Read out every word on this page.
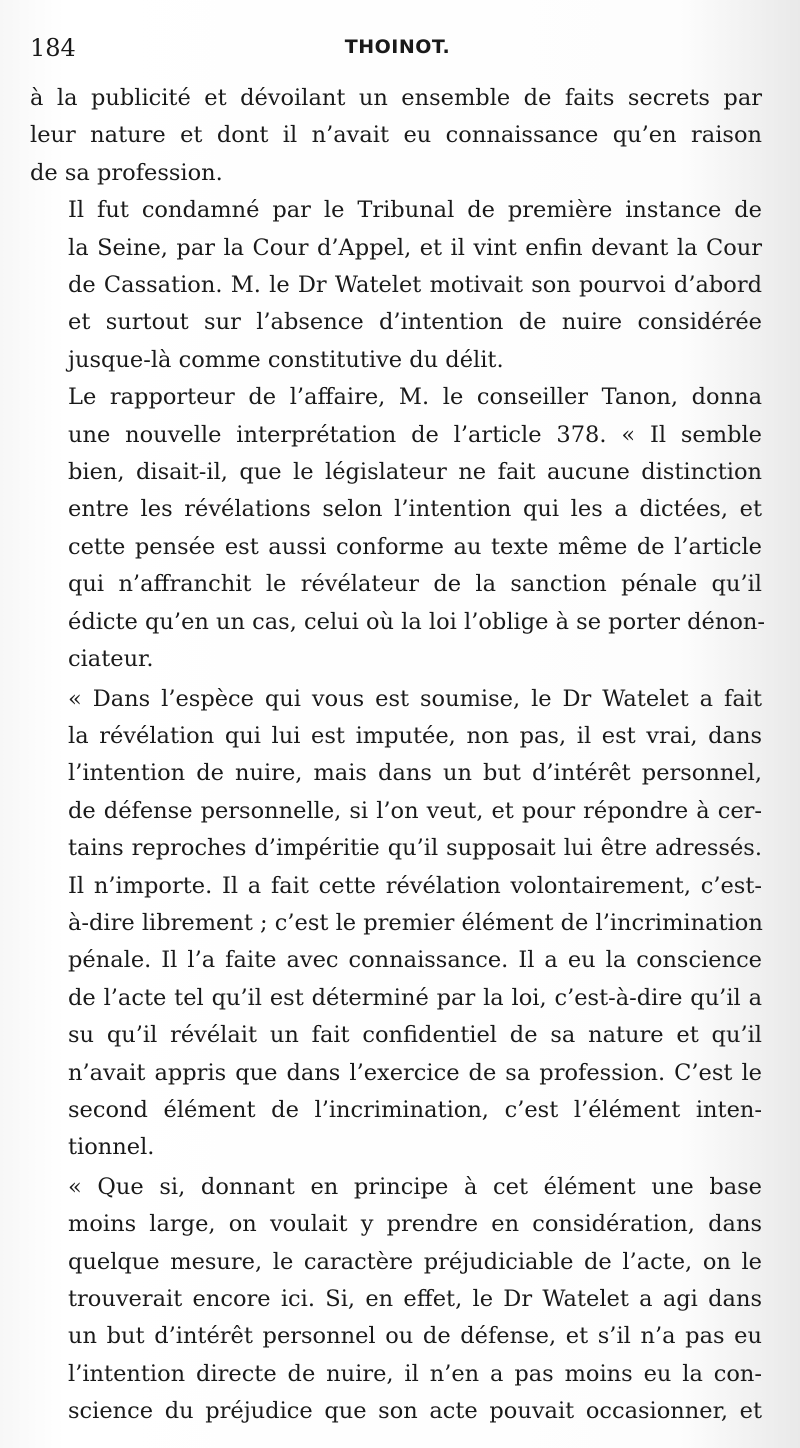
184	THOINOT.

à la publicité et dévoilant un ensemble de faits secrets par
leur nature et dont il n’avait eu connaissance qu’en raison
de sa profession.

Il fut condamné par le Tribunal de première instance de
la Seine, par la Cour d’Appel, et il vint enfin devant la Cour
de Cassation. M. le Dr Watelet motivait son pourvoi d’abord
et surtout sur l’absence d’intention de nuire considérée
jusque-là comme constitutive du délit.

Le rapporteur de l’affaire, M. le conseiller Tanon, donna
une nouvelle interprétation de l’article 378. « Il semble
bien, disait-il, que le législateur ne fait aucune distinction
entre les révélations selon l’intention qui les a dictées, et
cette pensée est aussi conforme au texte même de l’article
qui n’affranchit le révélateur de la sanction pénale qu’il
édicte qu’en un cas, celui où la loi l’oblige à se porter dénon-
ciateur.

« Dans l’espèce qui vous est soumise, le Dr Watelet a fait
la révélation qui lui est imputée, non pas, il est vrai, dans
l’intention de nuire, mais dans un but d’intérêt personnel,
de défense personnelle, si l’on veut, et pour répondre à cer-
tains reproches d’impéritie qu’il supposait lui être adressés.
Il n’importe. Il a fait cette révélation volontairement, c’est-
à-dire librement ; c’est le premier élément de l’incrimination
pénale. Il l’a faite avec connaissance. Il a eu la conscience
de l’acte tel qu’il est déterminé par la loi, c’est-à-dire qu’il a
su qu’il révélait un fait confidentiel de sa nature et qu’il
n’avait appris que dans l’exercice de sa profession. C’est le
second élément de l’incrimination, c’est l’élément inten-
tionnel.

« Que si, donnant en principe à cet élément une base
moins large, on voulait y prendre en considération, dans
quelque mesure, le caractère préjudiciable de l’acte, on le
trouverait encore ici. Si, en effet, le Dr Watelet a agi dans
un but d’intérêt personnel ou de défense, et s’il n’a pas eu
l’intention directe de nuire, il n’en a pas moins eu la con-
science du préjudice que son acte pouvait occasionner, et
